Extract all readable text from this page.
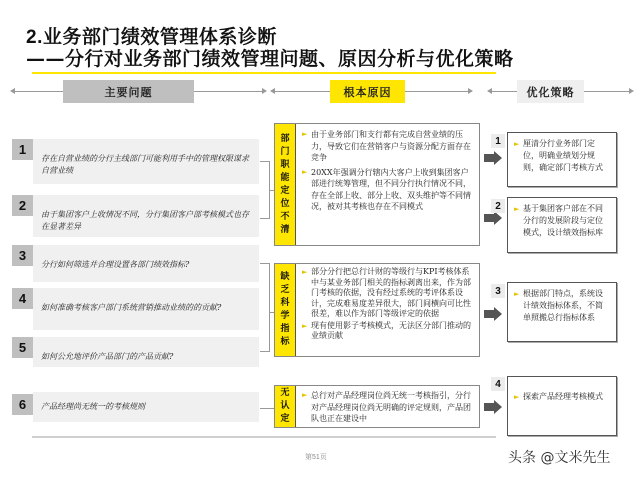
2.业务部门绩效管理体系诊断
——分行对业务部门绩效管理问题、原因分析与优化策略
主要问题	根本原因	优化策略
1
存在自营业绩的分行主线部门可能利用手中的管理权限谋求自营业绩
2
由于集团客户上收情况不同，分行集团客户部考核模式也存在显著差异
3
分行如何筛选并合理设置各部门绩效指标?
4
如何准确考核客户部门系统营销推动业绩的的贡献?
5
如何公允地评价产品部门的产品贡献?
6	产品经理尚无统一的考核规则
部
门
职
能
定
位
不
清
► 由于业务部门和支行都有完成自营业绩的压力，导致它们在营销客户与资源分配方面存在竞争
► 20XX年强调分行辖内大客户上收到集团客户部进行统筹管理，但不同分行执行情况不同，存在全部上收、部分上收、双头维护等不同情况，被对其考核也存在不同模式
缺
乏
科
学
指
标
► 部分分行把总行计财的等级行与KPI考核体系中与某业务部门相关的指标剥离出来，作为部门考核的依据，没有经过系统的考评体系设计，完成难易度差异很大，部门间横向可比性很差，难以作为部门等级评定的依据
► 现有使用影子考核模式，无法区分部门推动的业绩贡献
无
认
定
► 总行对产品经理岗位尚无统一考核指引，分行对产品经理岗位尚无明确的评定规则，产品团队也正在建设中
1	► 厘清分行业务部门定位，明确业绩划分规则，确定部门考核方式
2	► 基于集团客户部在不同分行的发展阶段与定位模式，设计绩效指标库
3	► 根据部门特点，系统设计绩效指标体系，不简单照搬总行指标体系
4
► 探索产品经理考核模式
第51页	头条 @文米先生
